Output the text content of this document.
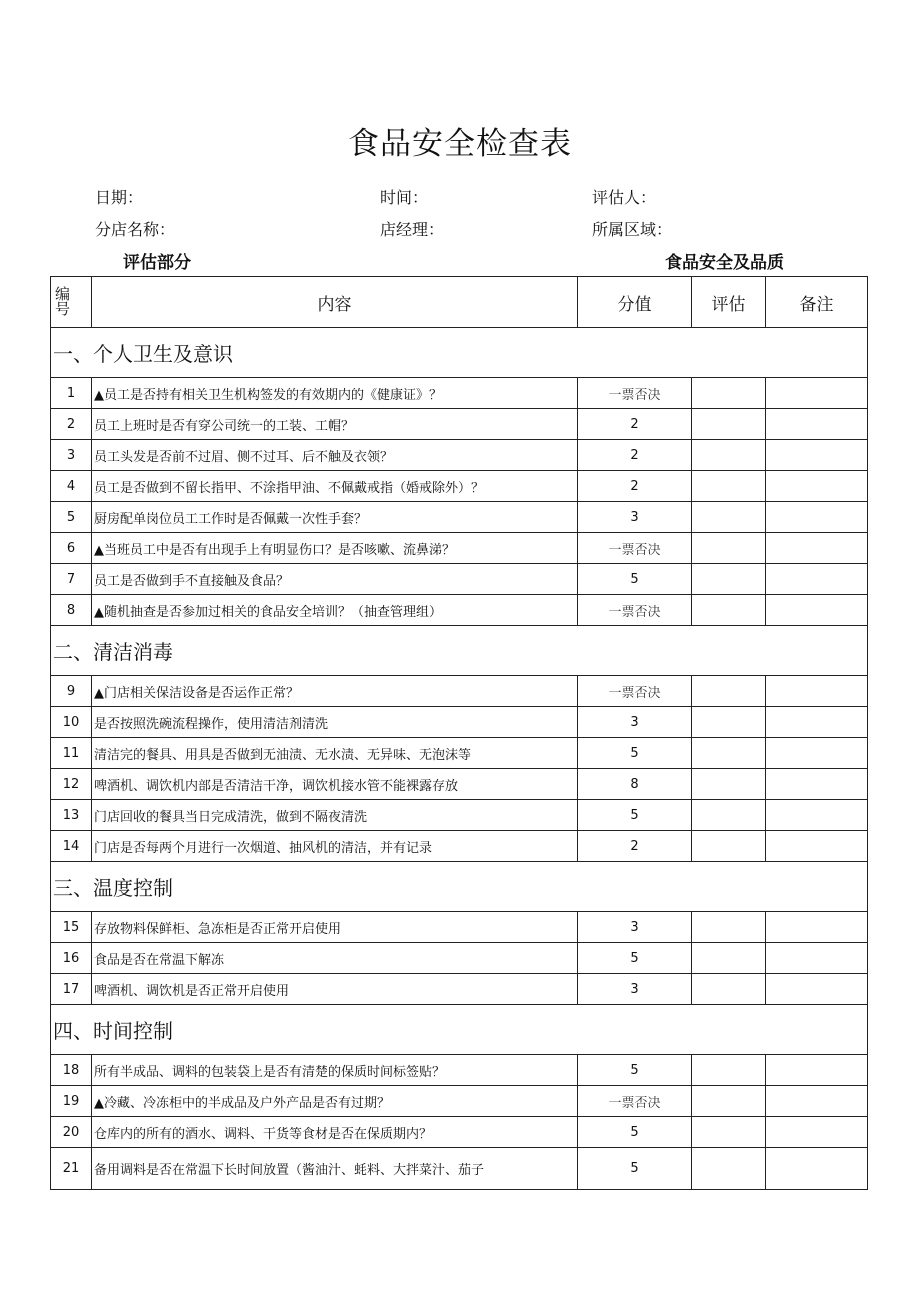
食品安全检查表
日期：	时间：	评估人：
分店名称：	店经理：	所属区域：
评估部分	食品安全及品质
编
号	内容	分值	评估	备注
一、个人卫生及意识				
1	▲员工是否持有相关卫生机构签发的有效期内的《健康证》？	一票否决		
2	员工上班时是否有穿公司统一的工装、工帽？	2		
3	员工头发是否前不过眉、侧不过耳、后不触及衣领？	2		
4	员工是否做到不留长指甲、不涂指甲油、不佩戴戒指（婚戒除外）？	2		
5	厨房配单岗位员工工作时是否佩戴一次性手套？	3		
6	▲当班员工中是否有出现手上有明显伤口？是否咳嗽、流鼻涕？	一票否决		
7	员工是否做到手不直接触及食品？	5		
8	▲随机抽查是否参加过相关的食品安全培训？（抽查管理组）	一票否决		
二、清洁消毒				
9	▲门店相关保洁设备是否运作正常？	一票否决		
10	是否按照洗碗流程操作，使用清洁剂清洗	3		
11	清洁完的餐具、用具是否做到无油渍、无水渍、无异味、无泡沫等	5		
12	啤酒机、调饮机内部是否清洁干净，调饮机接水管不能裸露存放	8		
13	门店回收的餐具当日完成清洗，做到不隔夜清洗	5		
14	门店是否每两个月进行一次烟道、抽风机的清洁，并有记录	2		
三、温度控制				
15	存放物料保鲜柜、急冻柜是否正常开启使用	3		
16	食品是否在常温下解冻	5		
17	啤酒机、调饮机是否正常开启使用	3		
四、时间控制				
18	所有半成品、调料的包装袋上是否有清楚的保质时间标签贴？	5		
19	▲冷藏、冷冻柜中的半成品及户外产品是否有过期？	一票否决		
20	仓库内的所有的酒水、调料、干货等食材是否在保质期内？	5		
21	备用调料是否在常温下长时间放置（酱油汁、蚝料、大拌菜汁、茄子	5		
